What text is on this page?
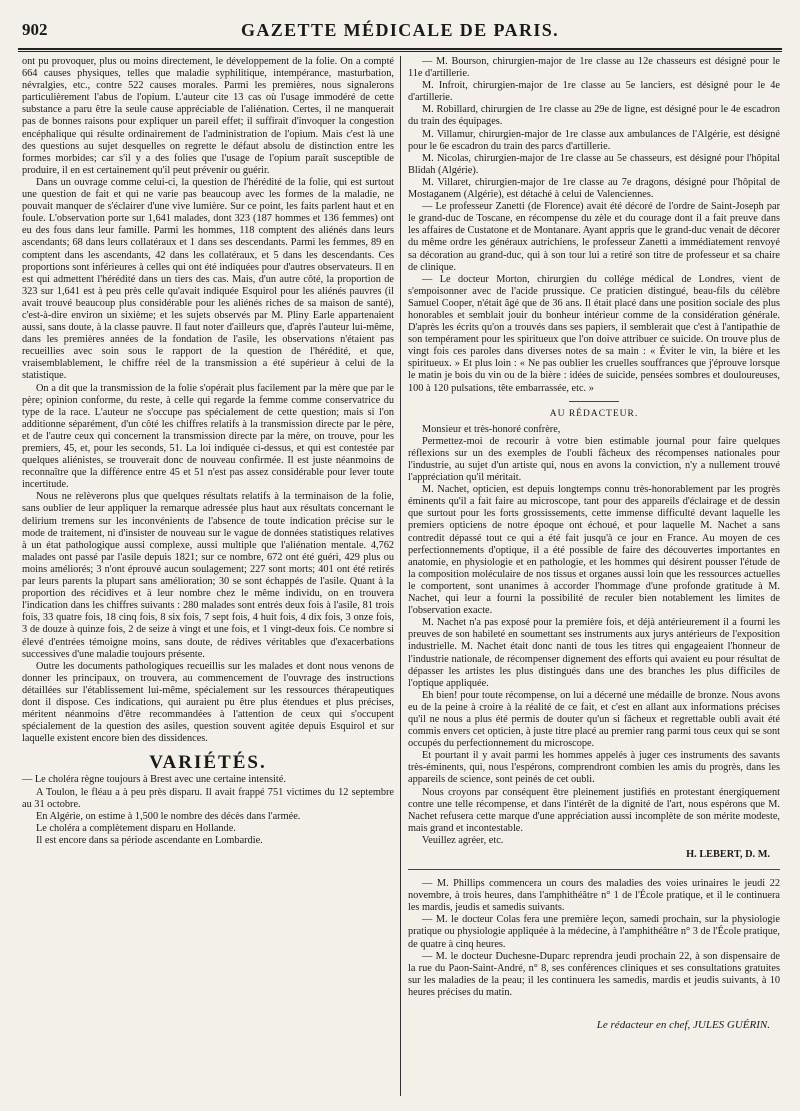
902	GAZETTE MÉDICALE DE PARIS.

ont pu provoquer, plus ou moins directement, le développement de la folie. On a compté 664 causes physiques, telles que maladie syphilitique, intempérance, masturbation, névralgies, etc., contre 522 causes morales. Parmi les premières, nous signalerons particulièrement l'abus de l'opium. L'auteur cite 13 cas où l'usage immodéré de cette substance a paru être la seule cause appréciable de l'aliénation. Certes, il ne manquerait pas de bonnes raisons pour expliquer un pareil effet; il suffirait d'invoquer la congestion encéphalique qui résulte ordinairement de l'administration de l'opium. Mais c'est là une des questions au sujet desquelles on regrette le défaut absolu de distinction entre les formes morbides; car s'il y a des folies que l'usage de l'opium paraît susceptible de produire, il en est certainement qu'il peut prévenir ou guérir.

Dans un ouvrage comme celui-ci, la question de l'hérédité de la folie, qui est surtout une question de fait et qui ne varie pas beaucoup avec les formes de la maladie, ne pouvait manquer de s'éclairer d'une vive lumière. Sur ce point, les faits parlent haut et en foule. L'observation porte sur 1,641 malades, dont 323 (187 hommes et 136 femmes) ont eu des fous dans leur famille. Parmi les hommes, 118 comptent des aliénés dans leurs ascendants; 68 dans leurs collatéraux et 1 dans ses descendants. Parmi les femmes, 89 en comptent dans les ascendants, 42 dans les collatéraux, et 5 dans les descendants. Ces proportions sont inférieures à celles qui ont été indiquées pour d'autres observateurs. Il en est qui admettent l'hérédité dans un tiers des cas. Mais, d'un autre côté, la proportion de 323 sur 1,641 est à peu près celle qu'avait indiquée Esquirol pour les aliénés pauvres (il avait trouvé beaucoup plus considérable pour les aliénés riches de sa maison de santé), c'est-à-dire environ un sixième; et les sujets observés par M. Pliny Earle appartenaient aussi, sans doute, à la classe pauvre. Il faut noter d'ailleurs que, d'après l'auteur lui-même, dans les premières années de la fondation de l'asile, les observations n'étaient pas recueillies avec soin sous le rapport de la question de l'hérédité, et que, vraisemblablement, le chiffre réel de la transmission a été supérieur à celui de la statistique.

On a dit que la transmission de la folie s'opérait plus facilement par la mère que par le père; opinion conforme, du reste, à celle qui regarde la femme comme conservatrice du type de la race. L'auteur ne s'occupe pas spécialement de cette question; mais si l'on additionne séparément, d'un côté les chiffres relatifs à la transmission directe par le père, et de l'autre ceux qui concernent la transmission directe par la mère, on trouve, pour les premiers, 45, et, pour les seconds, 51. La loi indiquée ci-dessus, et qui est contestée par quelques aliénistes, se trouverait donc de nouveau confirmée. Il est juste néanmoins de reconnaître que la différence entre 45 et 51 n'est pas assez considérable pour lever toute incertitude.

Nous ne relèverons plus que quelques résultats relatifs à la terminaison de la folie, sans oublier de leur appliquer la remarque adressée plus haut aux résultats concernant le delirium tremens sur les inconvénients de l'absence de toute indication précise sur le mode de traitement, ni d'insister de nouveau sur le vague de données statistiques relatives à un état pathologique aussi complexe, aussi multiple que l'aliénation mentale. 4,762 malades ont passé par l'asile depuis 1821; sur ce nombre, 672 ont été guéri, 429 plus ou moins améliorés; 3 n'ont éprouvé aucun soulagement; 227 sont morts; 401 ont été retirés par leurs parents la plupart sans amélioration; 30 se sont échappés de l'asile. Quant à la proportion des récidives et à leur nombre chez le même individu, on en trouvera l'indication dans les chiffres suivants : 280 malades sont entrés deux fois à l'asile, 81 trois fois, 33 quatre fois, 18 cinq fois, 8 six fois, 7 sept fois, 4 huit fois, 4 dix fois, 3 onze fois, 3 de douze à quinze fois, 2 de seize à vingt et une fois, et 1 vingt-deux fois. Ce nombre si élevé d'entrées témoigne moins, sans doute, de rédives véritables que d'exacerbations successives d'une maladie toujours présente.

Outre les documents pathologiques recueillis sur les malades et dont nous venons de donner les principaux, on trouvera, au commencement de l'ouvrage des instructions détaillées sur l'établissement lui-même, spécialement sur les ressources thérapeutiques dont il dispose. Ces indications, qui auraient pu être plus étendues et plus précises, méritent néanmoins d'être recommandées à l'attention de ceux qui s'occupent spécialement de la question des asiles, question souvent agitée depuis Esquirol et sur laquelle existent encore bien des dissidences.

VARIÉTÉS.

— Le choléra règne toujours à Brest avec une certaine intensité.

A Toulon, le fléau a à peu près disparu. Il avait frappé 751 victimes du 12 septembre au 31 octobre.

En Algérie, on estime à 1,500 le nombre des décès dans l'armée.

Le choléra a complètement disparu en Hollande.

Il est encore dans sa période ascendante en Lombardie.

— M. Bourson, chirurgien-major de 1re classe au 12e chasseurs est désigné pour le 11e d'artillerie.

M. Infroit, chirurgien-major de 1re classe au 5e lanciers, est désigné pour le 4e d'artillerie.

M. Robillard, chirurgien de 1re classe au 29e de ligne, est désigné pour le 4e escadron du train des équipages.

M. Villamur, chirurgien-major de 1re classe aux ambulances de l'Algérie, est désigné pour le 6e escadron du train des parcs d'artillerie.

M. Nicolas, chirurgien-major de 1re classe au 5e chasseurs, est désigné pour l'hôpital Blidah (Algérie).

M. Villaret, chirurgien-major de 1re classe au 7e dragons, désigné pour l'hôpital de Mostaganem (Algérie), est détaché à celui de Valenciennes.

— Le professeur Zanetti (de Florence) avait été décoré de l'ordre de Saint-Joseph par le grand-duc de Toscane, en récompense du zèle et du courage dont il a fait preuve dans les affaires de Custatone et de Montanare. Ayant appris que le grand-duc venait de décorer du même ordre les généraux autrichiens, le professeur Zanetti a immédiatement renvoyé sa décoration au grand-duc, qui à son tour lui a retiré son titre de professeur et sa chaire de clinique.

— Le docteur Morton, chirurgien du collége médical de Londres, vient de s'empoisonner avec de l'acide prussique. Ce praticien distingué, beau-fils du célèbre Samuel Cooper, n'était âgé que de 36 ans. Il était placé dans une position sociale des plus honorables et semblait jouir du bonheur intérieur comme de la considération générale. D'après les écrits qu'on a trouvés dans ses papiers, il semblerait que c'est à l'antipathie de son tempérament pour les spiritueux que l'on doive attribuer ce suicide. On trouve plus de vingt fois ces paroles dans diverses notes de sa main : « Éviter le vin, la bière et les spiritueux. » Et plus loin : « Ne pas oublier les cruelles souffrances que j'éprouve lorsque le matin je bois du vin ou de la bière : idées de suicide, pensées sombres et douloureuses, 100 à 120 pulsations, tête embarrassée, etc. »

AU RÉDACTEUR.

Monsieur et très-honoré confrère,

Permettez-moi de recourir à votre bien estimable journal pour faire quelques réflexions sur un des exemples de l'oubli fâcheux des récompenses nationales pour l'industrie, au sujet d'un artiste qui, nous en avons la conviction, n'y a nullement trouvé l'appréciation qu'il méritait.

M. Nachet, opticien, est depuis longtemps connu très-honorablement par les progrès éminents qu'il a fait faire au microscope, tant pour des appareils d'éclairage et de dessin que surtout pour les forts grossissements, cette immense difficulté devant laquelle les premiers opticiens de notre époque ont échoué, et pour laquelle M. Nachet a sans contredit dépassé tout ce qui a été fait jusqu'à ce jour en France. Au moyen de ces perfectionnements d'optique, il a été possible de faire des découvertes importantes en anatomie, en physiologie et en pathologie, et les hommes qui désirent pousser l'étude de la composition moléculaire de nos tissus et organes aussi loin que les ressources actuelles le comportent, sont unanimes à accorder l'hommage d'une profonde gratitude à M. Nachet, qui leur a fourni la possibilité de reculer bien notablement les limites de l'observation exacte.

M. Nachet n'a pas exposé pour la première fois, et déjà antérieurement il a fourni les preuves de son habileté en soumettant ses instruments aux jurys antérieurs de l'exposition industrielle. M. Nachet était donc nanti de tous les titres qui engageaient l'honneur de l'industrie nationale, de récompenser dignement des efforts qui avaient eu pour résultat de dépasser les artistes les plus distingués dans une des branches les plus difficiles de l'optique appliquée.

Eh bien! pour toute récompense, on lui a décerné une médaille de bronze. Nous avons eu de la peine à croire à la réalité de ce fait, et c'est en allant aux informations précises qu'il ne nous a plus été permis de douter qu'un si fâcheux et regrettable oubli avait été commis envers cet opticien, à juste titre placé au premier rang parmi tous ceux qui se sont occupés du perfectionnement du microscope.

Et pourtant il y avait parmi les hommes appelés à juger ces instruments des savants très-éminents, qui, nous l'espérons, comprendront combien les amis du progrès, dans les appareils de science, sont peinés de cet oubli.

Nous croyons par conséquent être pleinement justifiés en protestant énergiquement contre une telle récompense, et dans l'intérêt de la dignité de l'art, nous espérons que M. Nachet refusera cette marque d'une appréciation aussi incomplète de son mérite modeste, mais grand et incontestable.

Veuillez agréer, etc.

H. LEBERT, D. M.

— M. Phillips commencera un cours des maladies des voies urinaires le jeudi 22 novembre, à trois heures, dans l'amphithéâtre n° 1 de l'École pratique, et il le continuera les mardis, jeudis et samedis suivants.

— M. le docteur Colas fera une première leçon, samedi prochain, sur la physiologie pratique ou physiologie appliquée à la médecine, à l'amphithéâtre n° 3 de l'École pratique, de quatre à cinq heures.

— M. le docteur Duchesne-Duparc reprendra jeudi prochain 22, à son dispensaire de la rue du Paon-Saint-André, n° 8, ses conférences cliniques et ses consultations gratuites sur les maladies de la peau; il les continuera les samedis, mardis et jeudis suivants, à 10 heures précises du matin.

Le rédacteur en chef, JULES GUÉRIN.
